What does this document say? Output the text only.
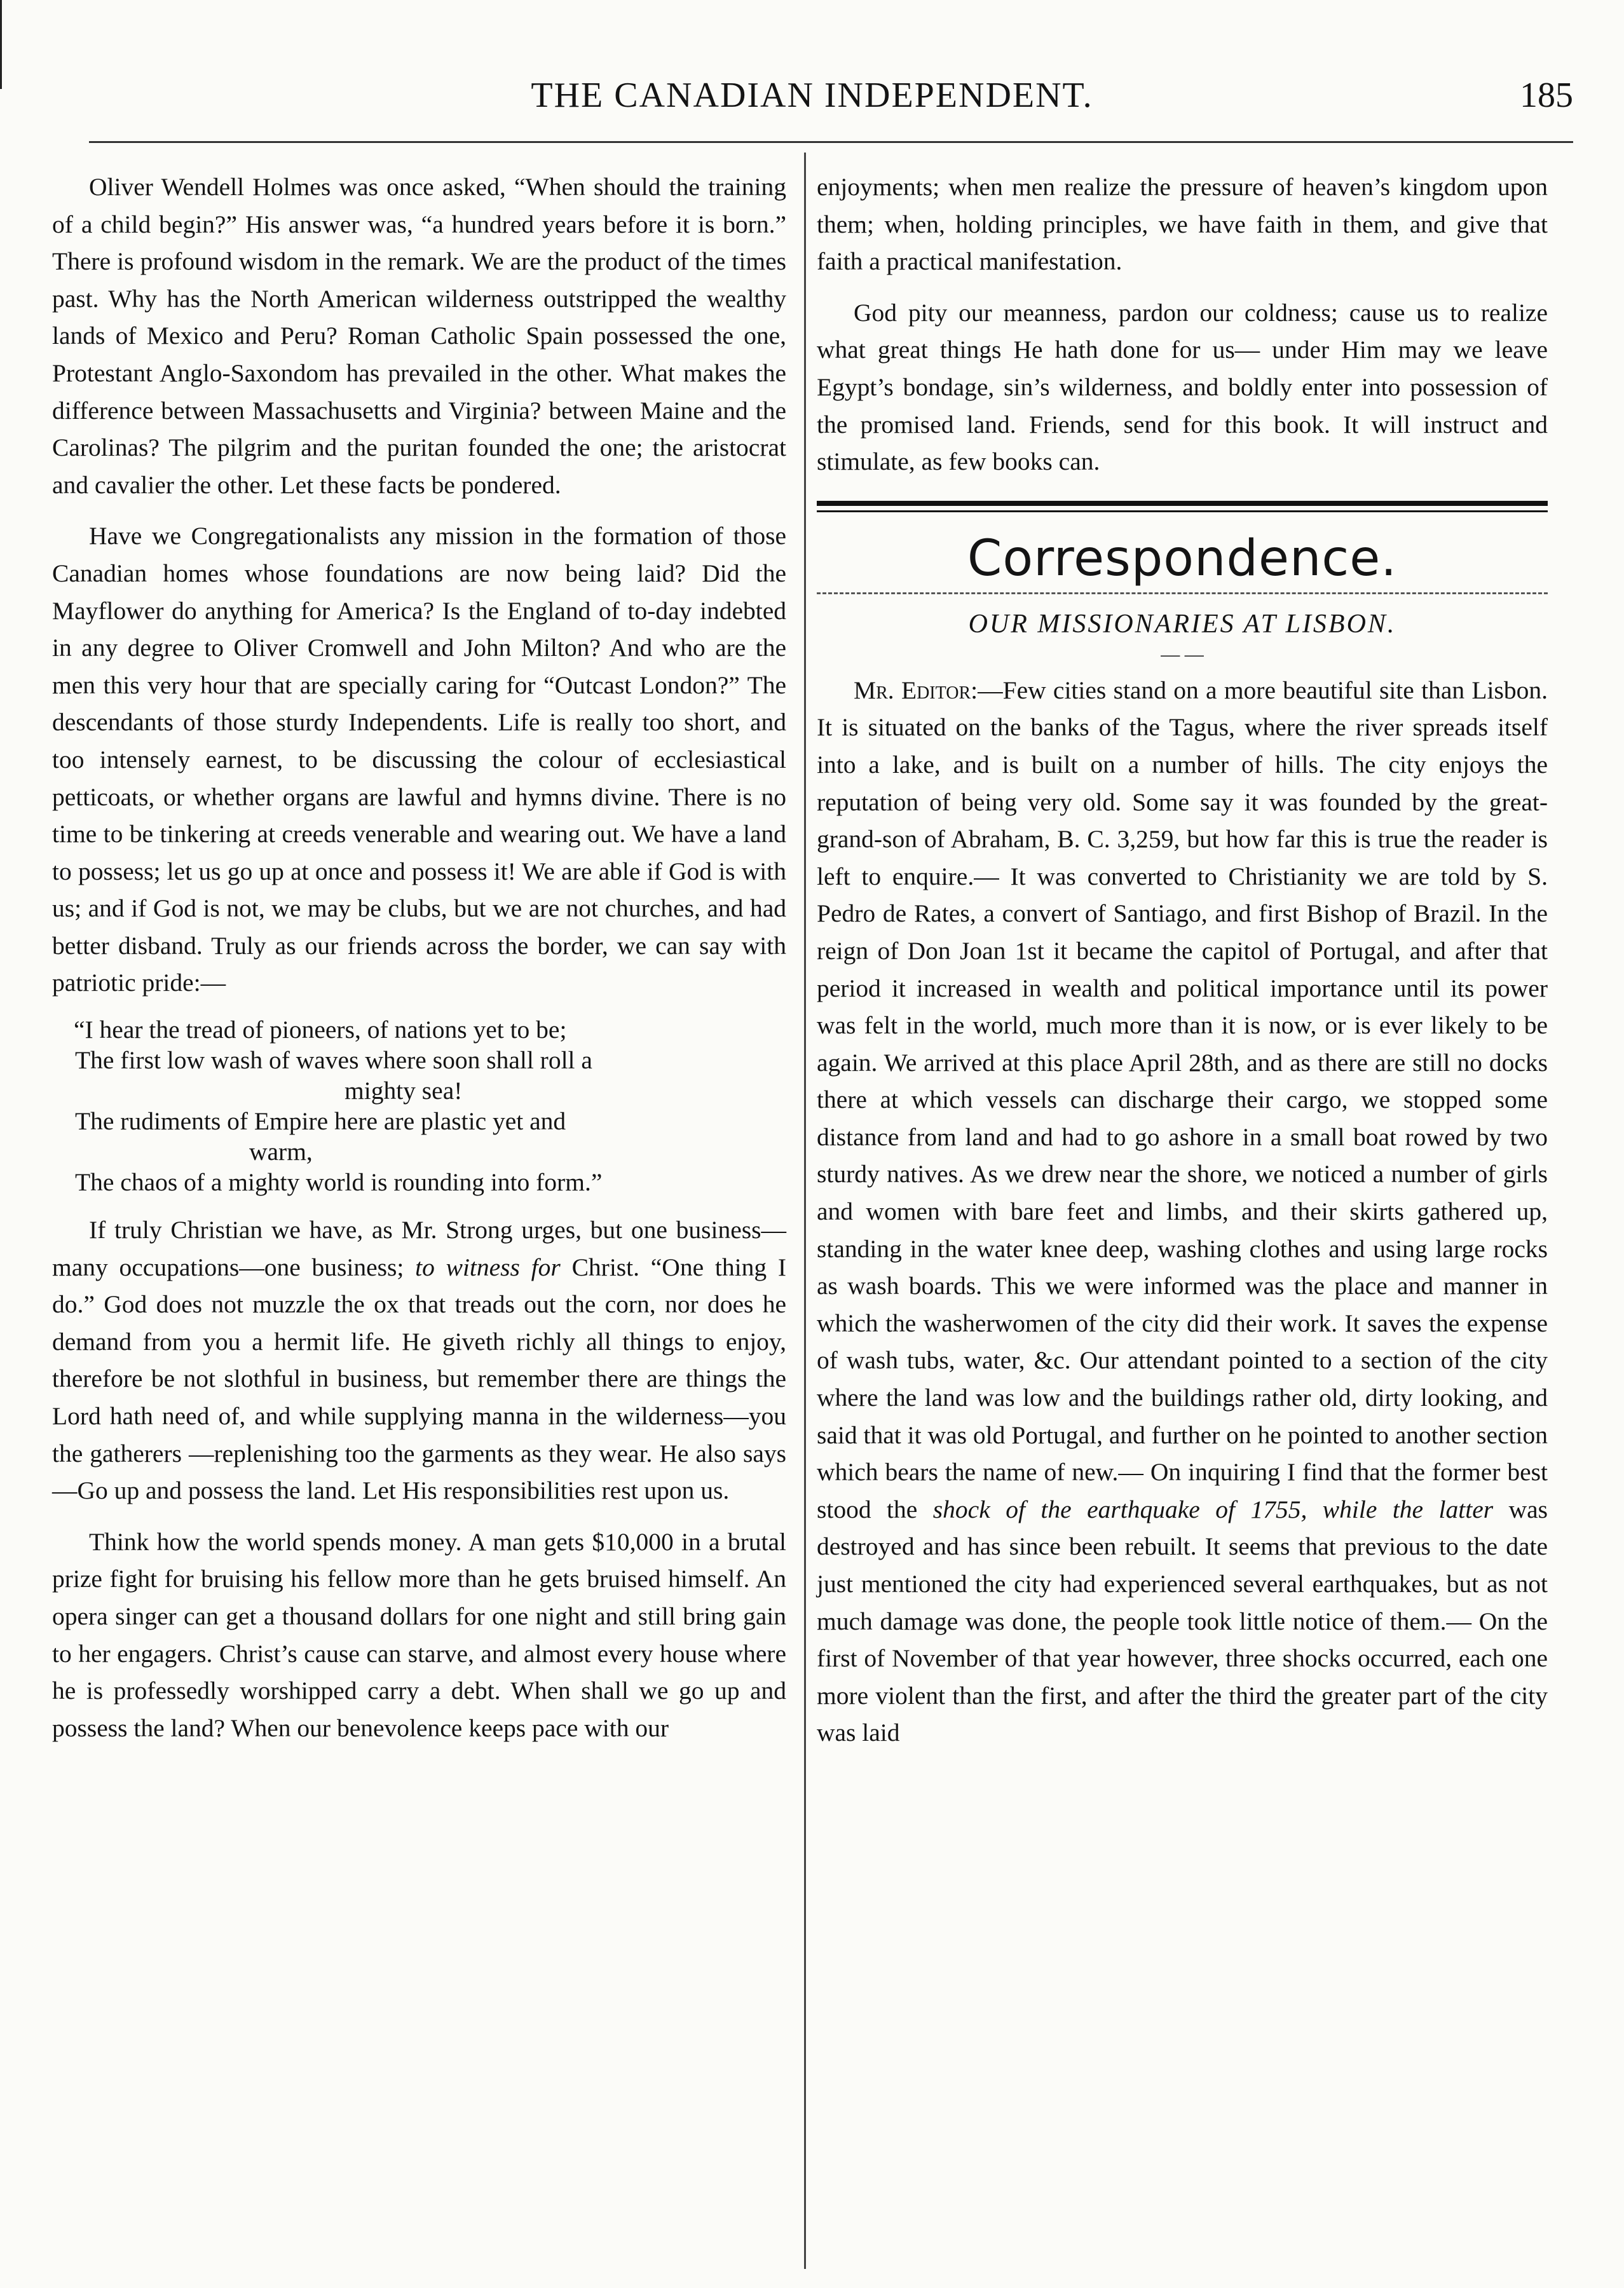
THE CANADIAN INDEPENDENT.	185

Oliver Wendell Holmes was once asked, “When should the training of a child begin?” His answer was, “a hundred years before it is born.” There is profound wisdom in the remark. We are the product of the times past. Why has the North American wilderness outstripped the wealthy lands of Mexico and Peru? Roman Catholic Spain possessed the one, Protestant Anglo-Saxondom has prevailed in the other. What makes the difference between Massachusetts and Virginia? between Maine and the Carolinas? The pilgrim and the puritan founded the one; the aristocrat and cavalier the other. Let these facts be pondered.

Have we Congregationalists any mission in the formation of those Canadian homes whose foundations are now being laid? Did the Mayflower do anything for America? Is the England of to-day indebted in any degree to Oliver Cromwell and John Milton? And who are the men this very hour that are specially caring for “Outcast London?” The descendants of those sturdy Independents. Life is really too short, and too intensely earnest, to be discussing the colour of ecclesiastical petticoats, or whether organs are lawful and hymns divine. There is no time to be tinkering at creeds venerable and wearing out. We have a land to possess; let us go up at once and possess it! We are able if God is with us; and if God is not, we may be clubs, but we are not churches, and had better disband. Truly as our friends across the border, we can say with patriotic pride:—

“I hear the tread of pioneers, of nations yet to be;
The first low wash of waves where soon shall roll a
mighty sea!
The rudiments of Empire here are plastic yet and
warm,
The chaos of a mighty world is rounding into form.”

If truly Christian we have, as Mr. Strong urges, but one business—many occupations—one business; to witness for Christ. “One thing I do.” God does not muzzle the ox that treads out the corn, nor does he demand from you a hermit life. He giveth richly all things to enjoy, therefore be not slothful in business, but remember there are things the Lord hath need of, and while supplying manna in the wilderness—you the gatherers —replenishing too the garments as they wear. He also says—Go up and possess the land. Let His responsibilities rest upon us.

Think how the world spends money. A man gets $10,000 in a brutal prize fight for bruising his fellow more than he gets bruised himself. An opera singer can get a thousand dollars for one night and still bring gain to her engagers. Christ’s cause can starve, and almost every house where he is professedly worshipped carry a debt. When shall we go up and possess the land? When our benevolence keeps pace with our

enjoyments; when men realize the pressure of heaven’s kingdom upon them; when, holding principles, we have faith in them, and give that faith a practical manifestation.

God pity our meanness, pardon our coldness; cause us to realize what great things He hath done for us— under Him may we leave Egypt’s bondage, sin’s wilderness, and boldly enter into possession of the promised land. Friends, send for this book. It will instruct and stimulate, as few books can.

Correspondence.
OUR MISSIONARIES AT LISBON.
— —

Mr. Editor:—Few cities stand on a more beautiful site than Lisbon. It is situated on the banks of the Tagus, where the river spreads itself into a lake, and is built on a number of hills. The city enjoys the reputation of being very old. Some say it was founded by the great-grand-son of Abraham, B. C. 3,259, but how far this is true the reader is left to enquire.— It was converted to Christianity we are told by S. Pedro de Rates, a convert of Santiago, and first Bishop of Brazil. In the reign of Don Joan 1st it became the capitol of Portugal, and after that period it increased in wealth and political importance until its power was felt in the world, much more than it is now, or is ever likely to be again. We arrived at this place April 28th, and as there are still no docks there at which vessels can discharge their cargo, we stopped some distance from land and had to go ashore in a small boat rowed by two sturdy natives. As we drew near the shore, we noticed a number of girls and women with bare feet and limbs, and their skirts gathered up, standing in the water knee deep, washing clothes and using large rocks as wash boards. This we were informed was the place and manner in which the washerwomen of the city did their work. It saves the expense of wash tubs, water, &c. Our attendant pointed to a section of the city where the land was low and the buildings rather old, dirty looking, and said that it was old Portugal, and further on he pointed to another section which bears the name of new.— On inquiring I find that the former best stood the shock of the earthquake of 1755, while the latter was destroyed and has since been rebuilt. It seems that previous to the date just mentioned the city had experienced several earthquakes, but as not much damage was done, the people took little notice of them.— On the first of November of that year however, three shocks occurred, each one more violent than the first, and after the third the greater part of the city was laid
